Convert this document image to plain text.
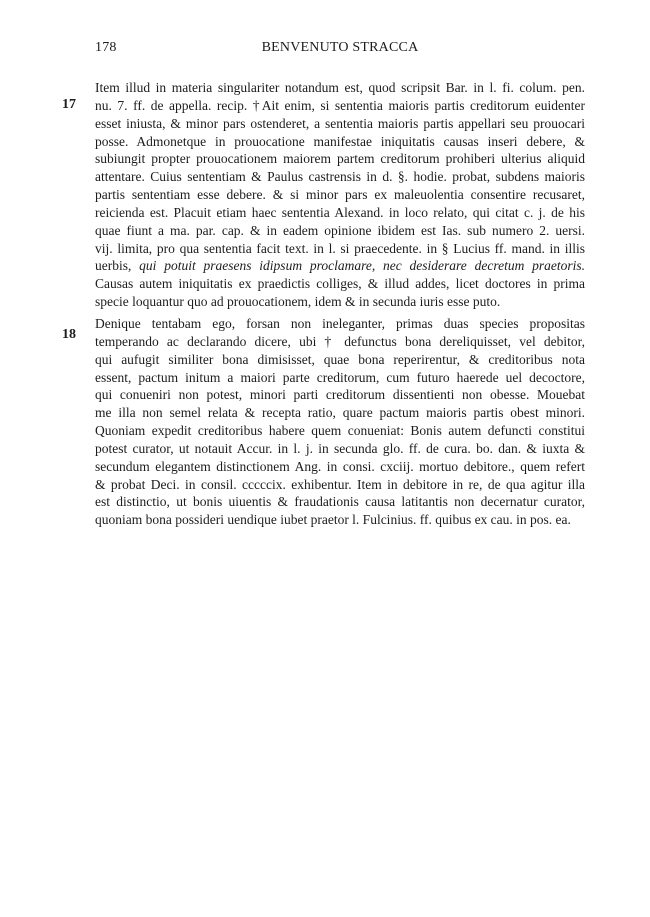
178	BENVENUTO STRACCA
17
18
Item illud in materia singulariter notandum est, quod scripsit Bar. in l. fi. colum. pen.
nu. 7. ff. de appella. recip. †Ait enim, si sententia maioris partis creditorum euidenter
esset iniusta, & minor pars ostenderet, a sententia maioris partis appellari seu prouocari
posse. Admonetque in prouocatione manifestae iniquitatis causas inseri debere, &
subiungit propter prouocationem maiorem partem creditorum prohiberi ulterius aliquid
attentare. Cuius sententiam & Paulus castrensis in d. §. hodie. probat, subdens maioris
partis sententiam esse debere. & si minor pars ex maleuolentia consentire recusaret,
reicienda est. Placuit etiam haec sententia Alexand. in loco relato, qui citat c. j. de his
quae fiunt a ma. par. cap. & in eadem opinione ibidem est Ias. sub numero 2. uersi.
vij. limita, pro qua sententia facit text. in l. si praecedente. in § Lucius ff. mand. in illis
uerbis, qui potuit praesens idipsum proclamare, nec desiderare decretum praetoris.
Causas autem iniquitatis ex praedictis colliges, & illud addes, licet doctores in prima
specie loquantur quo ad prouocationem, idem & in secunda iuris esse puto.
Denique tentabam ego, forsan non ineleganter, primas duas species propositas
temperando ac declarando dicere, ubi † defunctus bona dereliquisset, vel debitor,
qui aufugit similiter bona dimisisset, quae bona reperirentur, & creditoribus nota
essent, pactum initum a maiori parte creditorum, cum futuro haerede uel decoctore,
qui conueniri non potest, minori parti creditorum dissentienti non obesse. Mouebat
me illa non semel relata & recepta ratio, quare pactum maioris partis obest minori.
Quoniam expedit creditoribus habere quem conueniat: Bonis autem defuncti constitui
potest curator, ut notauit Accur. in l. j. in secunda glo. ff. de cura. bo. dan. & iuxta &
secundum elegantem distinctionem Ang. in consi. cxciij. mortuo debitore., quem refert
& probat Deci. in consil. cccccix. exhibentur. Item in debitore in re, de qua agitur illa
est distinctio, ut bonis uiuentis & fraudationis causa latitantis non decernatur curator,
quoniam bona possideri uendique iubet praetor l. Fulcinius. ff. quibus ex cau. in pos. ea.
